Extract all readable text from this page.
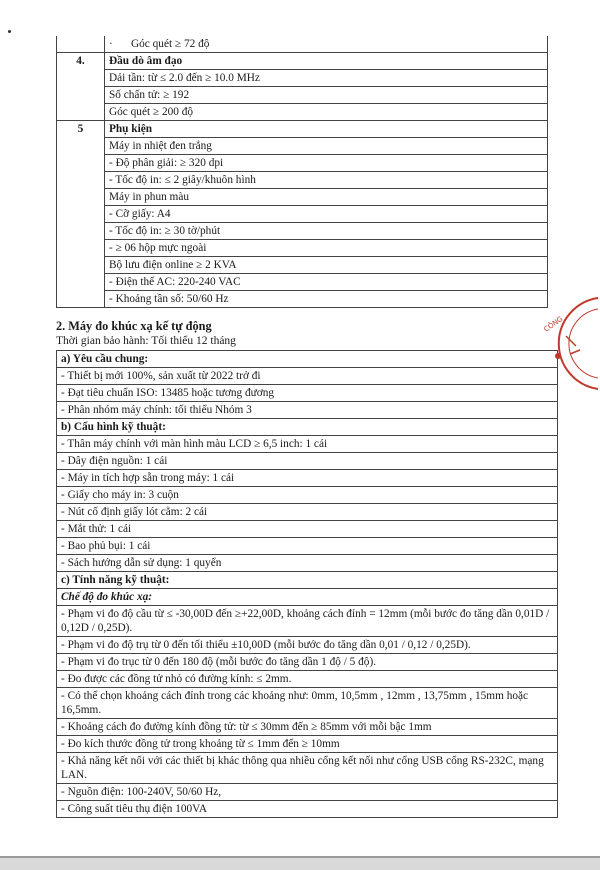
	· Góc quét ≥ 72 độ
4.	Đầu dò âm đạo
	Dải tần: từ ≤ 2.0 đến ≥ 10.0 MHz
	Số chấn tử: ≥ 192
	Góc quét ≥ 200 độ
5	Phụ kiện
	Máy in nhiệt đen trắng
	- Độ phân giải: ≥ 320 dpi
	- Tốc độ in: ≤ 2 giây/khuôn hình
	Máy in phun màu
	- Cỡ giấy: A4
	- Tốc độ in: ≥ 30 tờ/phút
	- ≥ 06 hộp mực ngoài
	Bộ lưu điện online ≥ 2 KVA
	- Điện thế AC: 220-240 VAC
	- Khoảng tần số: 50/60 Hz
2. Máy đo khúc xạ kế tự động
Thời gian bảo hành: Tối thiểu 12 tháng
a) Yêu cầu chung:
- Thiết bị mới 100%, sản xuất từ 2022 trở đi
- Đạt tiêu chuẩn ISO: 13485 hoặc tương đương
- Phân nhóm máy chính: tối thiểu Nhóm 3
b) Cấu hình kỹ thuật:
- Thân máy chính với màn hình màu LCD ≥ 6,5 inch: 1 cái
- Dây điện nguồn: 1 cái
- Máy in tích hợp sẵn trong máy: 1 cái
- Giấy cho máy in: 3 cuộn
- Nút cố định giấy lót cằm: 2 cái
- Mắt thử: 1 cái
- Bao phủ bụi: 1 cái
- Sách hướng dẫn sử dụng: 1 quyển
c) Tính năng kỹ thuật:
Chế độ đo khúc xạ:
- Phạm vi đo độ cầu từ ≤ -30,00D đến ≥+22,00D, khoảng cách đỉnh = 12mm (mỗi bước đo tăng dần 0,01D / 0,12D / 0,25D).
- Phạm vi đo độ trụ từ 0 đến tối thiểu ±10,00D (mỗi bước đo tăng dần 0,01 / 0,12 / 0,25D).
- Phạm vi đo trục từ 0 đến 180 độ (mỗi bước đo tăng dần 1 độ / 5 độ).
- Đo được các đồng tử nhỏ có đường kính: ≤ 2mm.
- Có thể chọn khoảng cách đỉnh trong các khoảng như: 0mm, 10,5mm , 12mm , 13,75mm , 15mm hoặc 16,5mm.
- Khoảng cách đo đường kính đồng tử: từ ≤ 30mm đến ≥ 85mm với mỗi bậc 1mm
- Đo kích thước đồng tử trong khoảng từ ≤ 1mm đến ≥ 10mm
- Khả năng kết nối với các thiết bị khác thông qua nhiều cổng kết nối như cổng USB cổng RS-232C, mạng LAN.
- Nguồn điện: 100-240V, 50/60 Hz,
- Công suất tiêu thụ điện 100VA
CÔNG
